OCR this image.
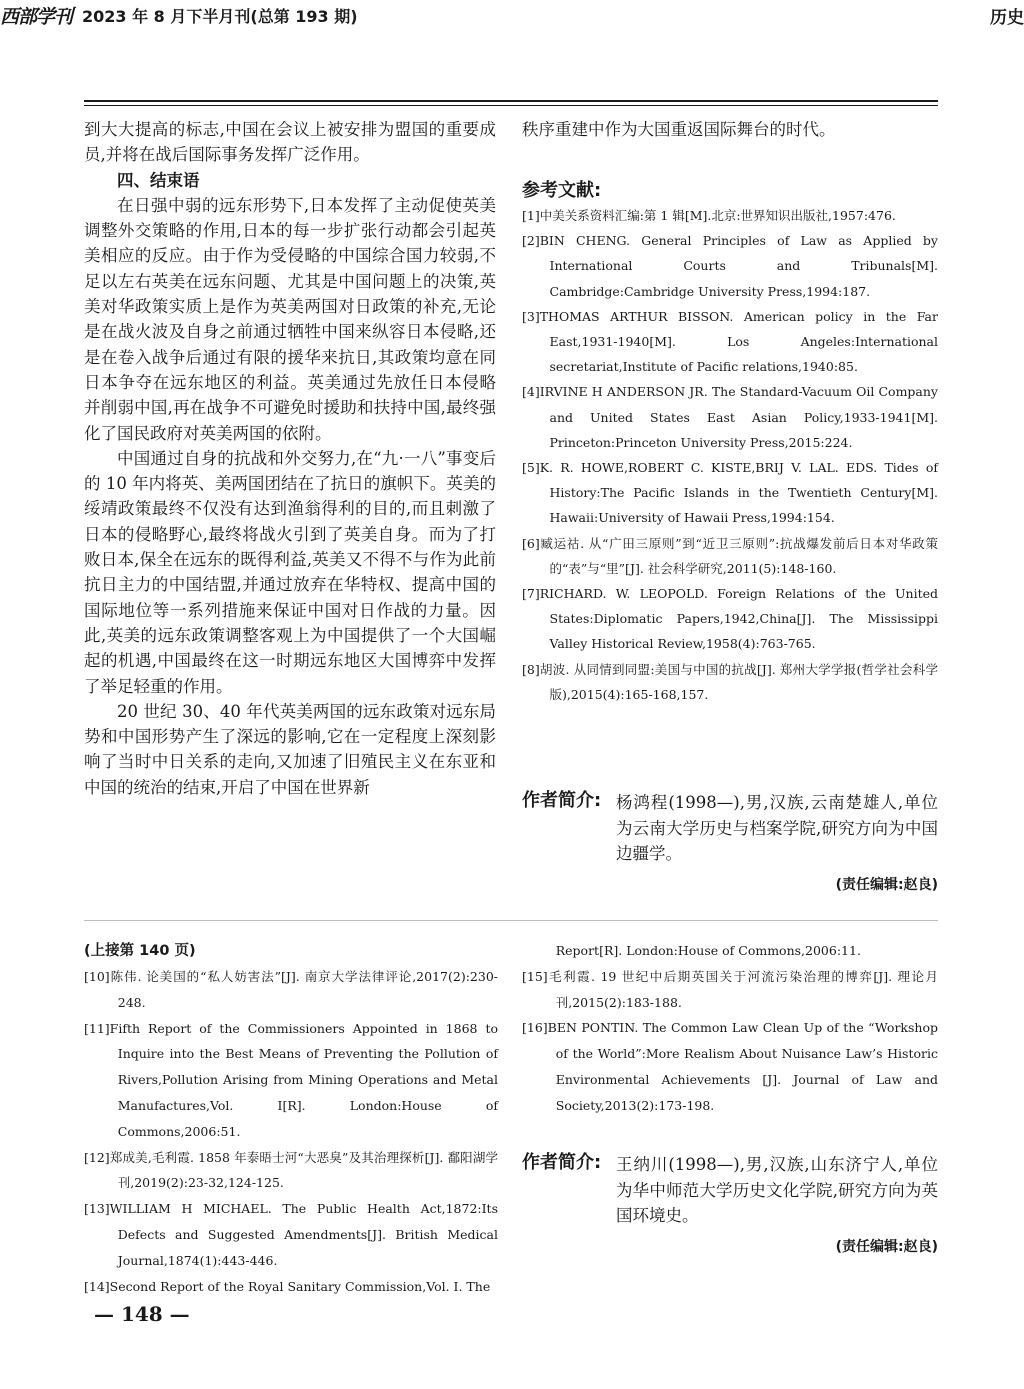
西部学刊 2023 年 8 月下半月刊(总第 193 期)	历史

到大大提高的标志,中国在会议上被安排为盟国的重要成员,并将在战后国际事务发挥广泛作用。

四、结束语

在日强中弱的远东形势下,日本发挥了主动促使英美调整外交策略的作用,日本的每一步扩张行动都会引起英美相应的反应。由于作为受侵略的中国综合国力较弱,不足以左右英美在远东问题、尤其是中国问题上的决策,英美对华政策实质上是作为英美两国对日政策的补充,无论是在战火波及自身之前通过牺牲中国来纵容日本侵略,还是在卷入战争后通过有限的援华来抗日,其政策均意在同日本争夺在远东地区的利益。英美通过先放任日本侵略并削弱中国,再在战争不可避免时援助和扶持中国,最终强化了国民政府对英美两国的依附。

中国通过自身的抗战和外交努力,在“九·一八”事变后的 10 年内将英、美两国团结在了抗日的旗帜下。英美的绥靖政策最终不仅没有达到渔翁得利的目的,而且刺激了日本的侵略野心,最终将战火引到了英美自身。而为了打败日本,保全在远东的既得利益,英美又不得不与作为此前抗日主力的中国结盟,并通过放弃在华特权、提高中国的国际地位等一系列措施来保证中国对日作战的力量。因此,英美的远东政策调整客观上为中国提供了一个大国崛起的机遇,中国最终在这一时期远东地区大国博弈中发挥了举足轻重的作用。

20 世纪 30、40 年代英美两国的远东政策对远东局势和中国形势产生了深远的影响,它在一定程度上深刻影响了当时中日关系的走向,又加速了旧殖民主义在东亚和中国的统治的结束,开启了中国在世界新

秩序重建中作为大国重返国际舞台的时代。

参考文献:

[1]中美关系资料汇编:第 1 辑[M].北京:世界知识出版社,1957:476.

[2]BIN CHENG. General Principles of Law as Applied by International Courts and Tribunals[M]. Cambridge:Cambridge University Press,1994:187.

[3]THOMAS ARTHUR BISSON. American policy in the Far East,1931-1940[M]. Los Angeles:International secretariat,Institute of Pacific relations,1940:85.

[4]IRVINE H ANDERSON JR. The Standard-Vacuum Oil Company and United States East Asian Policy,1933-1941[M]. Princeton:Princeton University Press,2015:224.

[5]K. R. HOWE,ROBERT C. KISTE,BRIJ V. LAL. EDS. Tides of History:The Pacific Islands in the Twentieth Century[M]. Hawaii:University of Hawaii Press,1994:154.

[6]臧运祜. 从“广田三原则”到“近卫三原则”:抗战爆发前后日本对华政策的“表”与“里”[J]. 社会科学研究,2011(5):148-160.

[7]RICHARD. W. LEOPOLD. Foreign Relations of the United States:Diplomatic Papers,1942,China[J]. The Mississippi Valley Historical Review,1958(4):763-765.

[8]胡波. 从同情到同盟:美国与中国的抗战[J]. 郑州大学学报(哲学社会科学版),2015(4):165-168,157.

作者简介: 杨鸿程(1998—),男,汉族,云南楚雄人,单位为云南大学历史与档案学院,研究方向为中国边疆学。
(责任编辑:赵良)
(上接第 140 页)

[10]陈伟. 论美国的“私人妨害法”[J]. 南京大学法律评论,2017(2):230-248.

[11]Fifth Report of the Commissioners Appointed in 1868 to Inquire into the Best Means of Preventing the Pollution of Rivers,Pollution Arising from Mining Operations and Metal Manufactures,Vol. I[R]. London:House of Commons,2006:51.

[12]郑成美,毛利霞. 1858 年泰晤士河“大恶臭”及其治理探析[J]. 鄱阳湖学刊,2019(2):23-32,124-125.

[13]WILLIAM H MICHAEL. The Public Health Act,1872:Its Defects and Suggested Amendments[J]. British Medical Journal,1874(1):443-446.

[14]Second Report of the Royal Sanitary Commission,Vol. I. The

Report[R]. London:House of Commons,2006:11.

[15]毛利霞. 19 世纪中后期英国关于河流污染治理的博弈[J]. 理论月刊,2015(2):183-188.

[16]BEN PONTIN. The Common Law Clean Up of the “Workshop of the World”:More Realism About Nuisance Law’s Historic Environmental Achievements [J]. Journal of Law and Society,2013(2):173-198.

作者简介: 王纳川(1998—),男,汉族,山东济宁人,单位为华中师范大学历史文化学院,研究方向为英国环境史。
(责任编辑:赵良)
— 148 —
